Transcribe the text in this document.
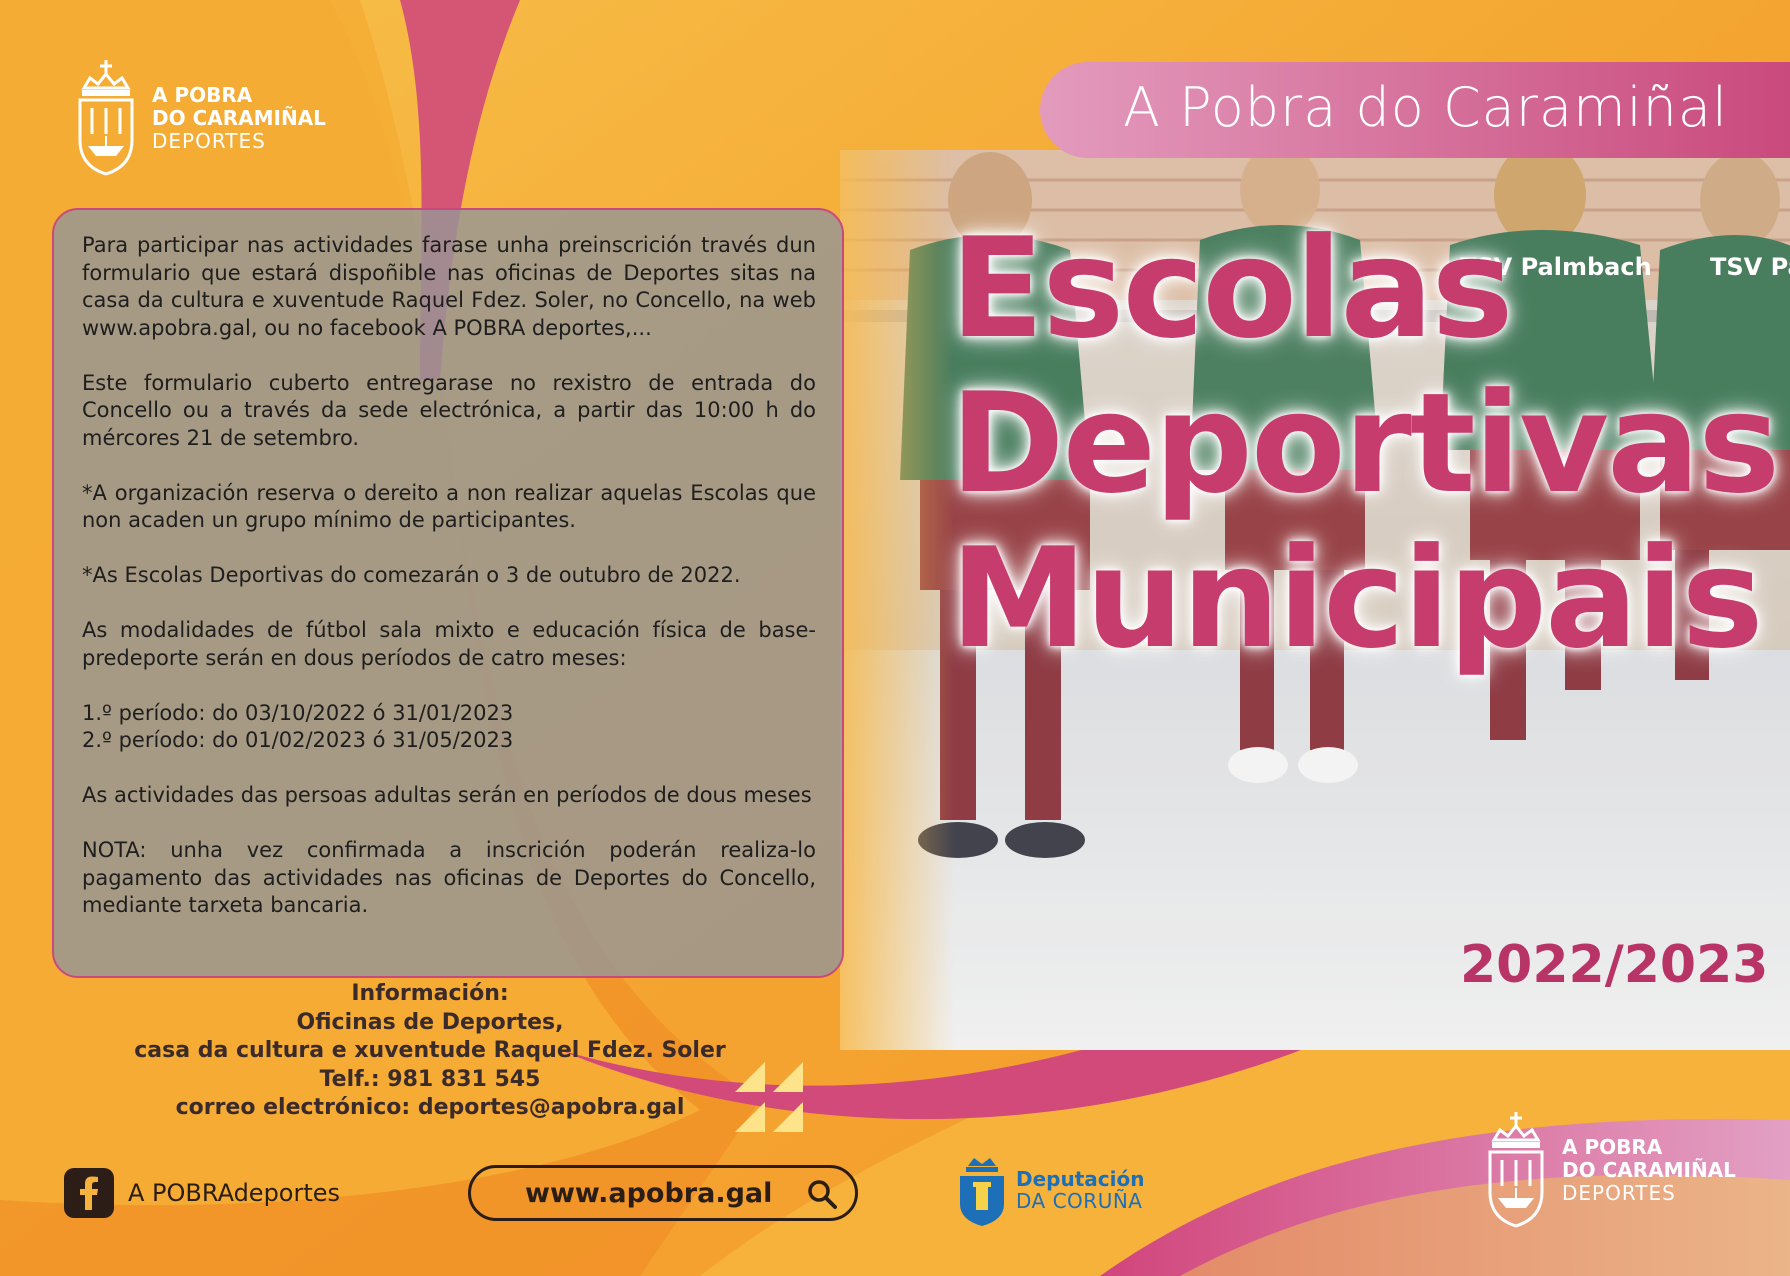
A Pobra do Caramiñal
A POBRA
DO CARAMIÑAL
DEPORTES
Escolas
Deportivas
Municipais

Para participar nas actividades farase unha preinscrición través dun formulario que estará dispoñible nas oficinas de Deportes sitas na casa da cultura e xuventude Raquel Fdez. Soler, no Concello, na web www.apobra.gal, ou no facebook A POBRA deportes,...

Este formulario cuberto entregarase no rexistro de entrada do Concello ou a través da sede electrónica, a partir das 10:00 h do mércores 21 de setembro.

*A organización reserva o dereito a non realizar aquelas Escolas que non acaden un grupo mínimo de participantes.

*As Escolas Deportivas do comezarán o 3 de outubro de 2022.

As modalidades de fútbol sala mixto e educación física de base-predeporte serán en dous períodos de catro meses:

1.º período: do 03/10/2022 ó 31/01/2023

2.º período: do 01/02/2023 ó 31/05/2023

As actividades das persoas adultas serán en períodos de dous meses

NOTA: unha vez confirmada a inscrición poderán realiza-lo pagamento das actividades nas oficinas de Deportes do Concello, mediante tarxeta bancaria.

Información:
Oficinas de Deportes,
casa da cultura e xuventude Raquel Fdez. Soler
Telf.: 981 831 545
correo electrónico: deportes@apobra.gal
2022/2023
A POBRAdeportes	www.apobra.gal	Deputación
DA CORUÑA
A POBRA
DO CARAMIÑAL
DEPORTES
